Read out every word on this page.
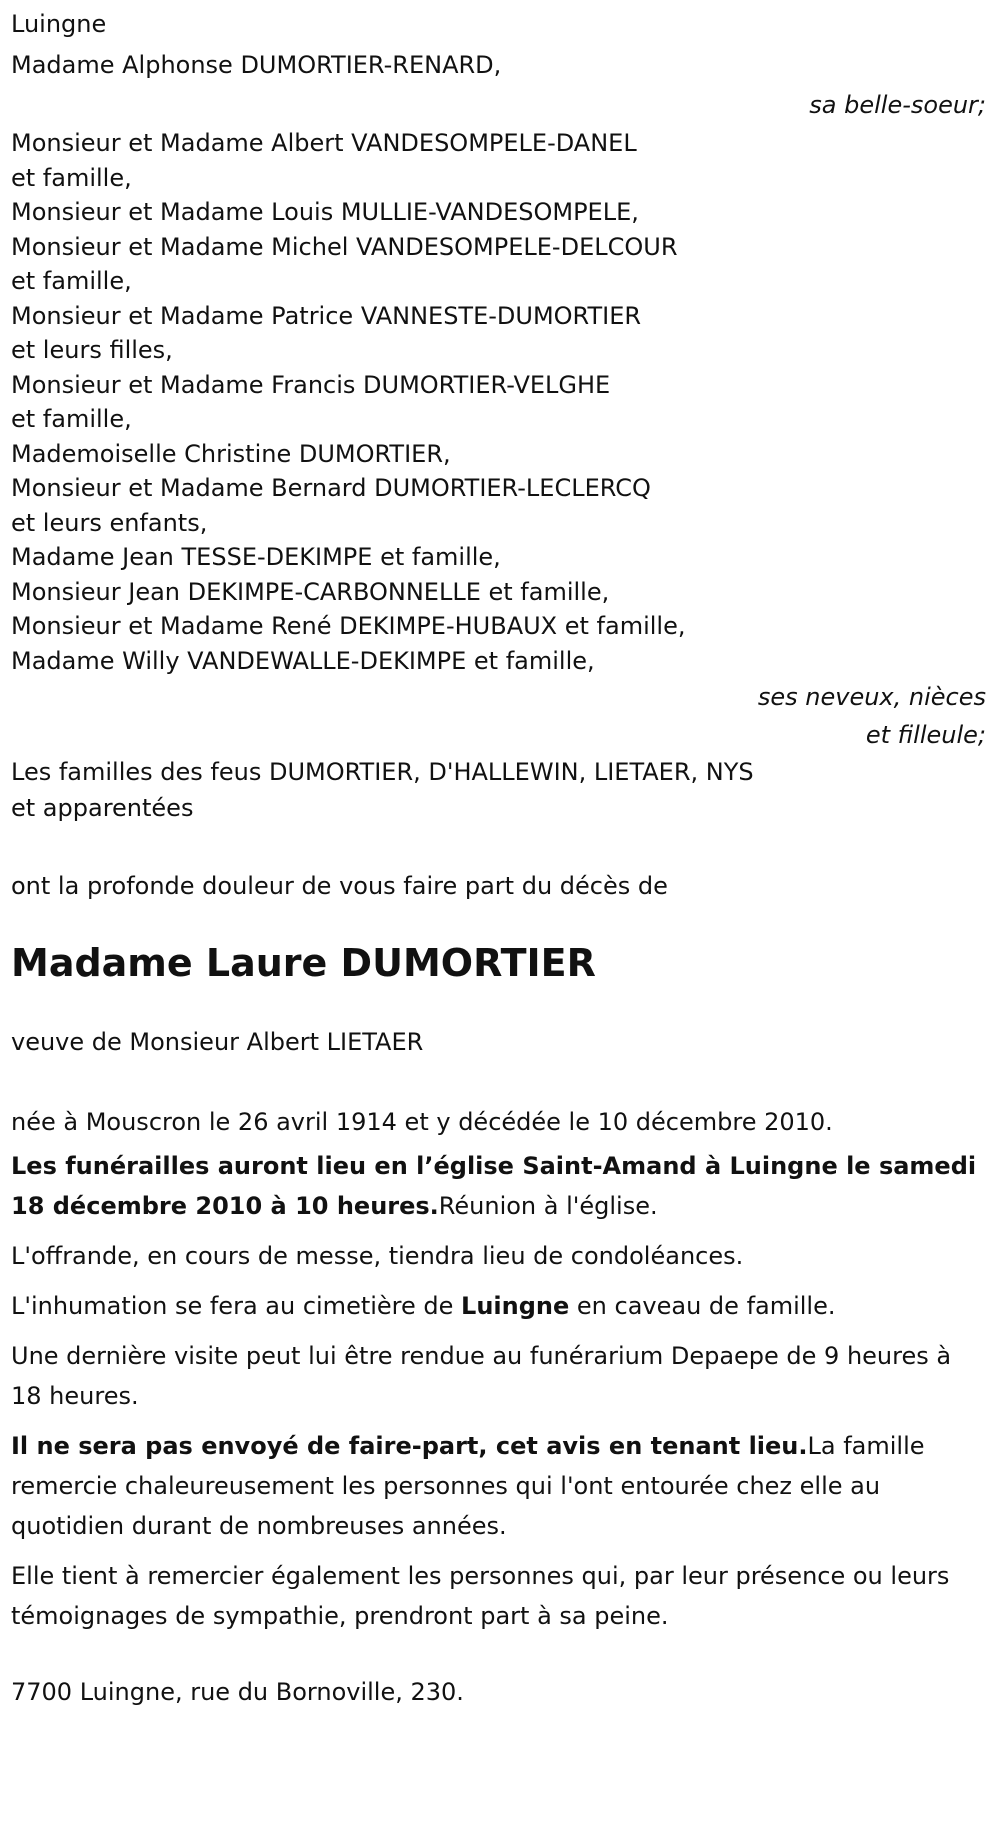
Luingne
Madame Alphonse DUMORTIER-RENARD,
sa belle-soeur;
Monsieur et Madame Albert VANDESOMPELE-DANEL
et famille,
Monsieur et Madame Louis MULLIE-VANDESOMPELE,
Monsieur et Madame Michel VANDESOMPELE-DELCOUR
et famille,
Monsieur et Madame Patrice VANNESTE-DUMORTIER
et leurs filles,
Monsieur et Madame Francis DUMORTIER-VELGHE
et famille,
Mademoiselle Christine DUMORTIER,
Monsieur et Madame Bernard DUMORTIER-LECLERCQ
et leurs enfants,
Madame Jean TESSE-DEKIMPE et famille,
Monsieur Jean DEKIMPE-CARBONNELLE et famille,
Monsieur et Madame René DEKIMPE-HUBAUX et famille,
Madame Willy VANDEWALLE-DEKIMPE et famille,
ses neveux, nièces
et filleule;
Les familles des feus DUMORTIER, D'HALLEWIN, LIETAER, NYS
et apparentées
ont la profonde douleur de vous faire part du décès de
Madame Laure DUMORTIER
veuve de Monsieur Albert LIETAER
née à Mouscron le 26 avril 1914 et y décédée le 10 décembre 2010.
Les funérailles auront lieu en l’église Saint-Amand à Luingne le samedi 18 décembre 2010 à 10 heures.Réunion à l'église.
L'offrande, en cours de messe, tiendra lieu de condoléances.
L'inhumation se fera au cimetière de Luingne en caveau de famille.
Une dernière visite peut lui être rendue au funérarium Depaepe de 9 heures à 18 heures.
Il ne sera pas envoyé de faire-part, cet avis en tenant lieu.La famille remercie chaleureusement les personnes qui l'ont entourée chez elle au quotidien durant de nombreuses années.
Elle tient à remercier également les personnes qui, par leur présence ou leurs témoignages de sympathie, prendront part à sa peine.
7700 Luingne, rue du Bornoville, 230.
